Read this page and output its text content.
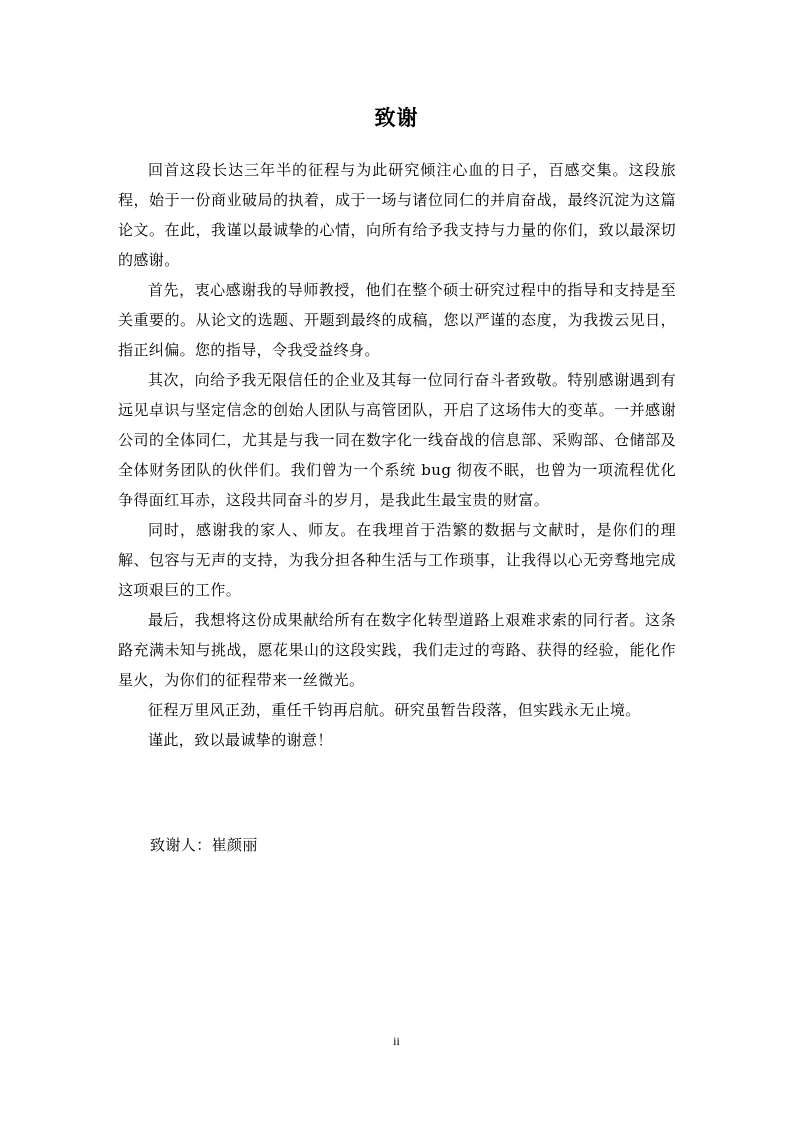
致谢

回首这段长达三年半的征程与为此研究倾注心血的日子，百感交集。这段旅程，始于一份商业破局的执着，成于一场与诸位同仁的并肩奋战，最终沉淀为这篇论文。在此，我谨以最诚挚的心情，向所有给予我支持与力量的你们，致以最深切的感谢。

首先，衷心感谢我的导师教授，他们在整个硕士研究过程中的指导和支持是至关重要的。从论文的选题、开题到最终的成稿，您以严谨的态度，为我拨云见日，指正纠偏。您的指导，令我受益终身。

其次，向给予我无限信任的企业及其每一位同行奋斗者致敬。特别感谢遇到有远见卓识与坚定信念的创始人团队与高管团队，开启了这场伟大的变革。一并感谢公司的全体同仁，尤其是与我一同在数字化一线奋战的信息部、采购部、仓储部及全体财务团队的伙伴们。我们曾为一个系统 bug 彻夜不眠，也曾为一项流程优化争得面红耳赤，这段共同奋斗的岁月，是我此生最宝贵的财富。

同时，感谢我的家人、师友。在我埋首于浩繁的数据与文献时，是你们的理解、包容与无声的支持，为我分担各种生活与工作琐事，让我得以心无旁骛地完成这项艰巨的工作。

最后，我想将这份成果献给所有在数字化转型道路上艰难求索的同行者。这条路充满未知与挑战，愿花果山的这段实践，我们走过的弯路、获得的经验，能化作星火，为你们的征程带来一丝微光。

征程万里风正劲，重任千钧再启航。研究虽暂告段落，但实践永无止境。

谨此，致以最诚挚的谢意！

致谢人：崔颜丽
ii
